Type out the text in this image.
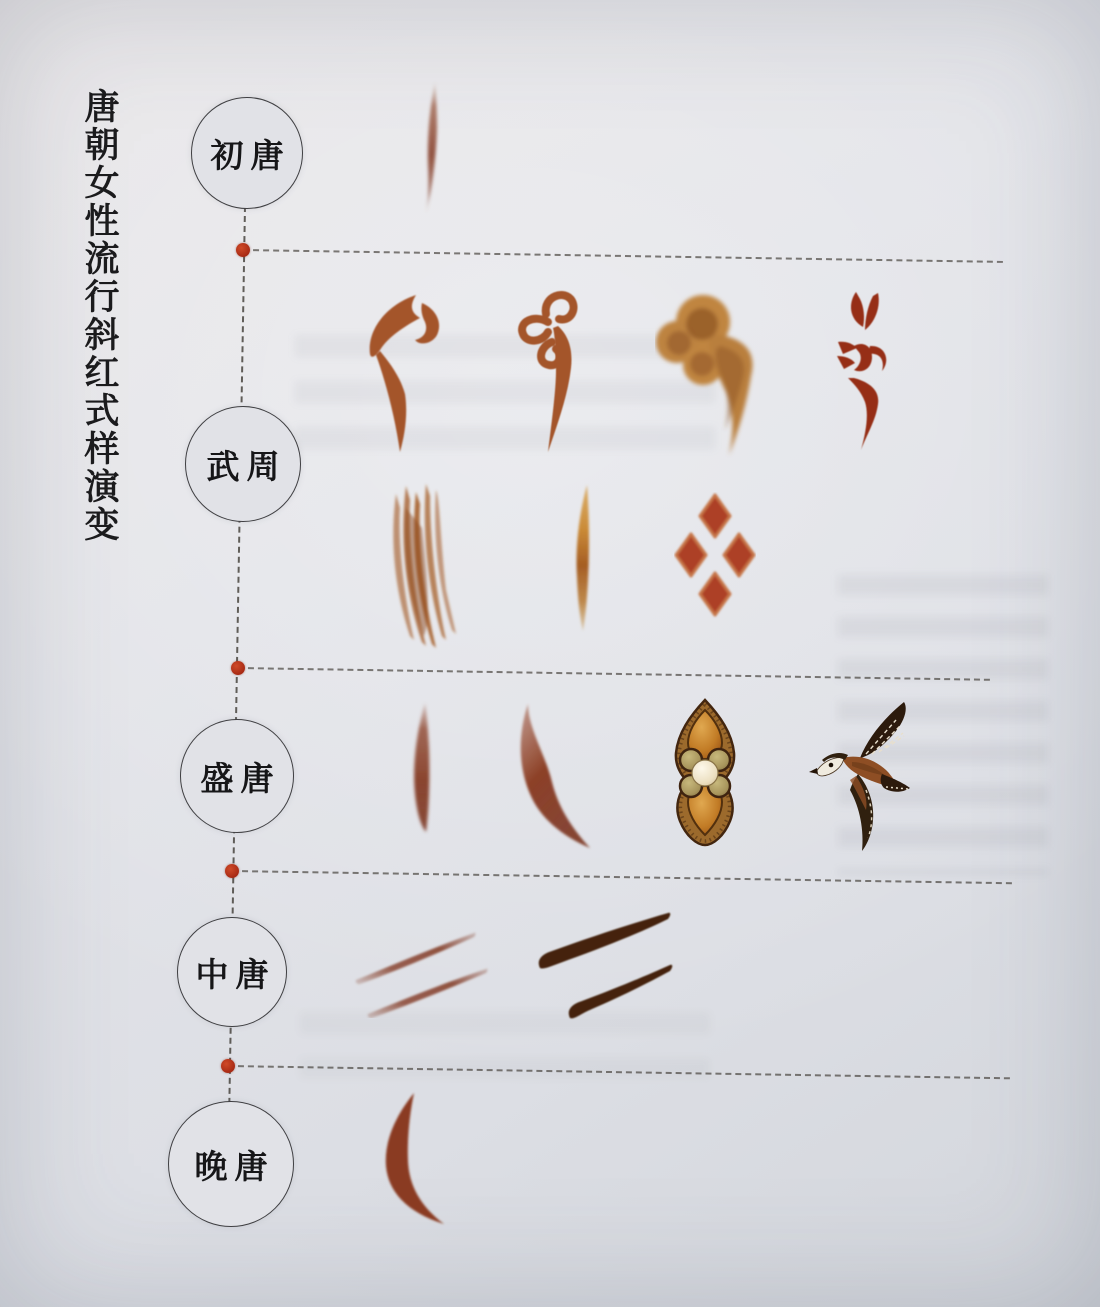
唐朝女性流行斜红式样演变	初唐
武周
盛唐
中唐
晚唐
